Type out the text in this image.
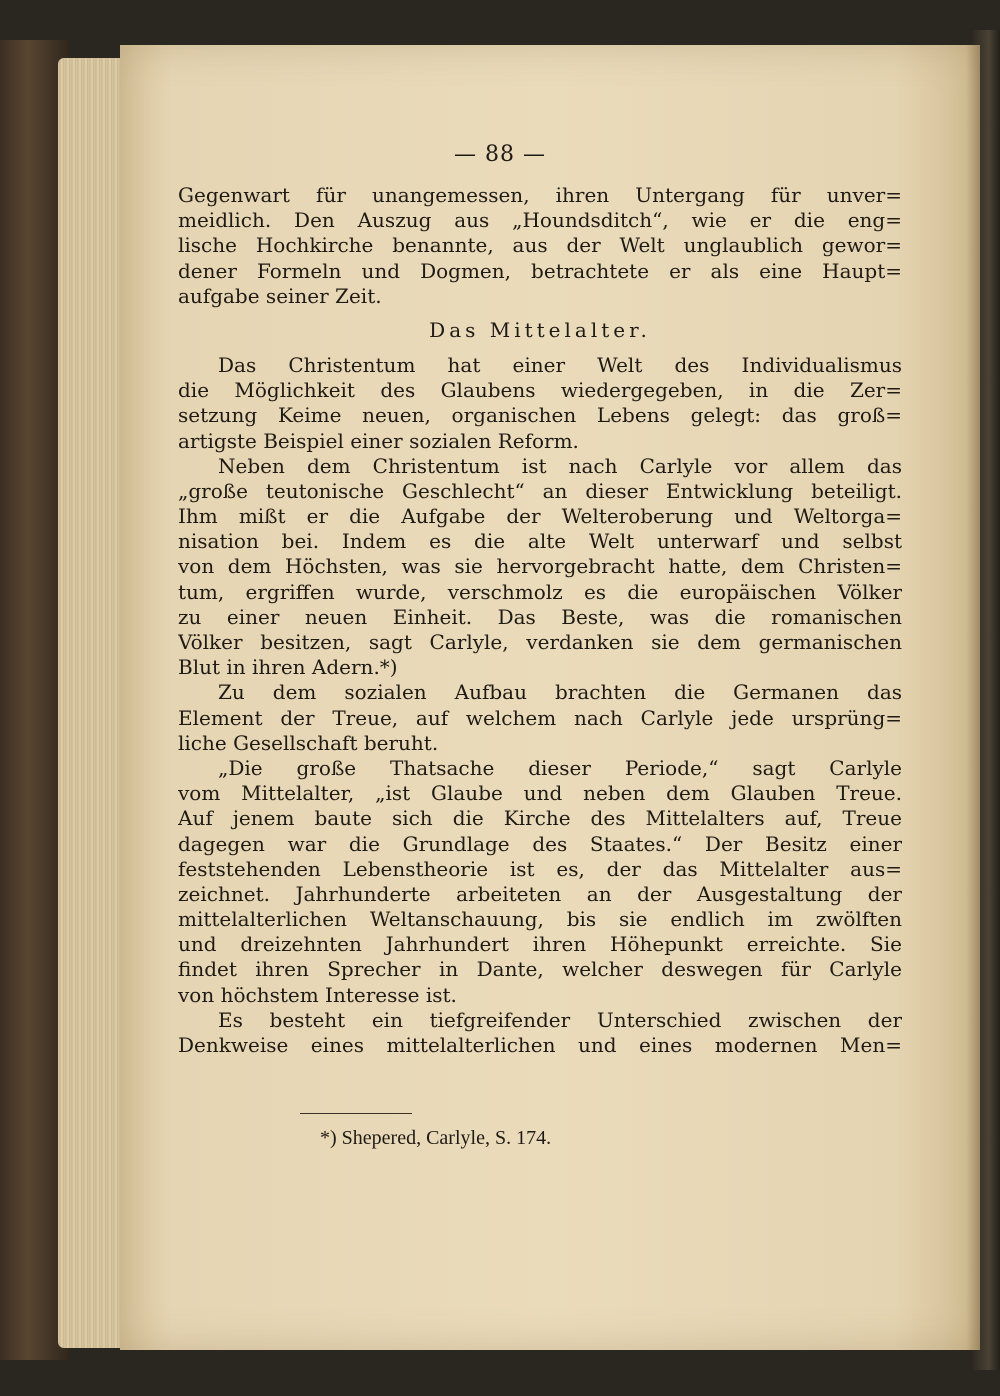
— 88 —
Gegenwart für unangemessen, ihren Untergang für unver=
meidlich. Den Auszug aus „Houndsditch“, wie er die eng=
lische Hochkirche benannte, aus der Welt unglaublich gewor=
dener Formeln und Dogmen, betrachtete er als eine Haupt=
aufgabe seiner Zeit.
Das Mittelalter.
Das Christentum hat einer Welt des Individualismus
die Möglichkeit des Glaubens wiedergegeben, in die Zer=
setzung Keime neuen, organischen Lebens gelegt: das groß=
artigste Beispiel einer sozialen Reform.
Neben dem Christentum ist nach Carlyle vor allem das
„große teutonische Geschlecht“ an dieser Entwicklung beteiligt.
Ihm mißt er die Aufgabe der Welteroberung und Weltorga=
nisation bei. Indem es die alte Welt unterwarf und selbst
von dem Höchsten, was sie hervorgebracht hatte, dem Christen=
tum, ergriffen wurde, verschmolz es die europäischen Völker
zu einer neuen Einheit. Das Beste, was die romanischen
Völker besitzen, sagt Carlyle, verdanken sie dem germanischen
Blut in ihren Adern.*)
Zu dem sozialen Aufbau brachten die Germanen das
Element der Treue, auf welchem nach Carlyle jede ursprüng=
liche Gesellschaft beruht.
„Die große Thatsache dieser Periode,“ sagt Carlyle
vom Mittelalter, „ist Glaube und neben dem Glauben Treue.
Auf jenem baute sich die Kirche des Mittelalters auf, Treue
dagegen war die Grundlage des Staates.“ Der Besitz einer
feststehenden Lebenstheorie ist es, der das Mittelalter aus=
zeichnet. Jahrhunderte arbeiteten an der Ausgestaltung der
mittelalterlichen Weltanschauung, bis sie endlich im zwölften
und dreizehnten Jahrhundert ihren Höhepunkt erreichte. Sie
findet ihren Sprecher in Dante, welcher deswegen für Carlyle
von höchstem Interesse ist.
Es besteht ein tiefgreifender Unterschied zwischen der
Denkweise eines mittelalterlichen und eines modernen Men=
*) Shepered, Carlyle, S. 174.
